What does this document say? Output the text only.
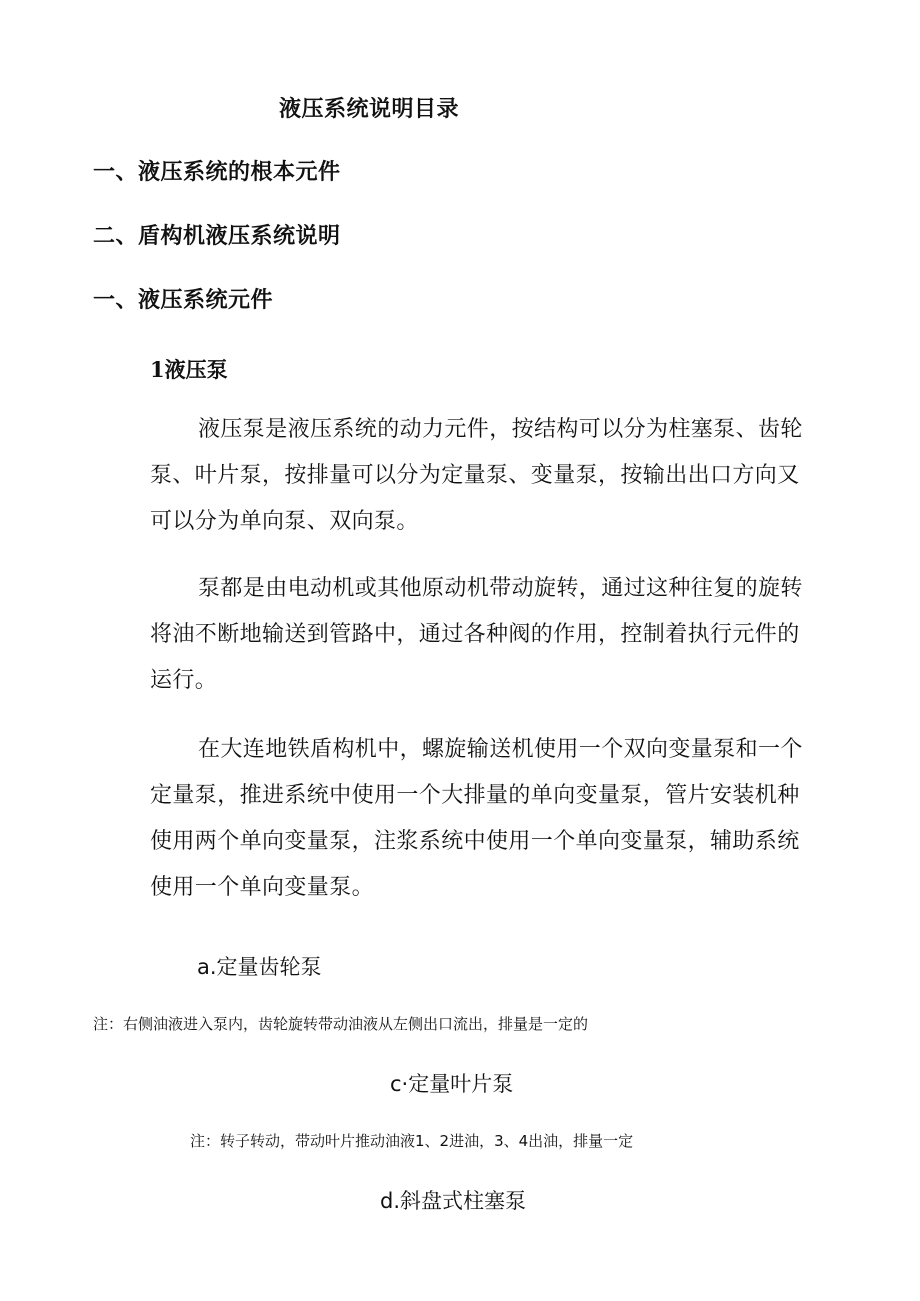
液压系统说明目录
一、液压系统的根本元件
二、盾构机液压系统说明
一、液压系统元件
1液压泵
液压泵是液压系统的动力元件，按结构可以分为柱塞泵、齿轮
泵、叶片泵，按排量可以分为定量泵、变量泵，按输出出口方向又
可以分为单向泵、双向泵。
泵都是由电动机或其他原动机带动旋转，通过这种往复的旋转
将油不断地输送到管路中，通过各种阀的作用，控制着执行元件的
运行。
在大连地铁盾构机中，螺旋输送机使用一个双向变量泵和一个
定量泵，推进系统中使用一个大排量的单向变量泵，管片安装机种
使用两个单向变量泵，注浆系统中使用一个单向变量泵，辅助系统
使用一个单向变量泵。
a.定量齿轮泵
注：右侧油液进入泵内，齿轮旋转带动油液从左侧出口流出，排量是一定的
c·定量叶片泵
注：转子转动，带动叶片推动油液1、2进油，3、4出油，排量一定
d.斜盘式柱塞泵
